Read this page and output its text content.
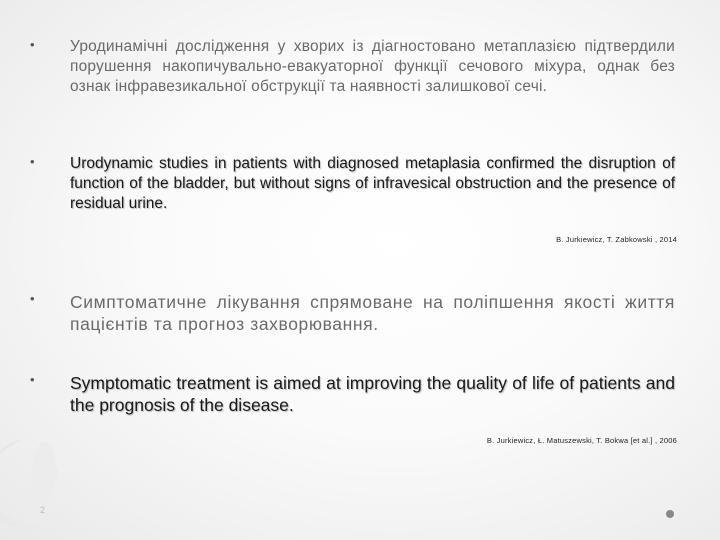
• Уродинамічні дослідження у хворих із діагностовано метаплазією підтвердили порушення накопичувально-евакуаторної функції сечового міхура, однак без ознак інфравезикальної обструкції та наявності залишкової сечі.
• Urodynamic studies in patients with diagnosed metaplasia confirmed the disruption of function of the bladder, but without signs of infravesical obstruction and the presence of residual urine.
B. Jurkiewicz, T. Zabkowski , 2014
• Симптоматичне лікування спрямоване на поліпшення якості життя пацієнтів та прогноз захворювання.
• Symptomatic treatment is aimed at improving the quality of life of patients and the prognosis of the disease.
B. Jurkiewicz, Ł. Matuszewski, T. Bokwa [et al.] , 2006
2
